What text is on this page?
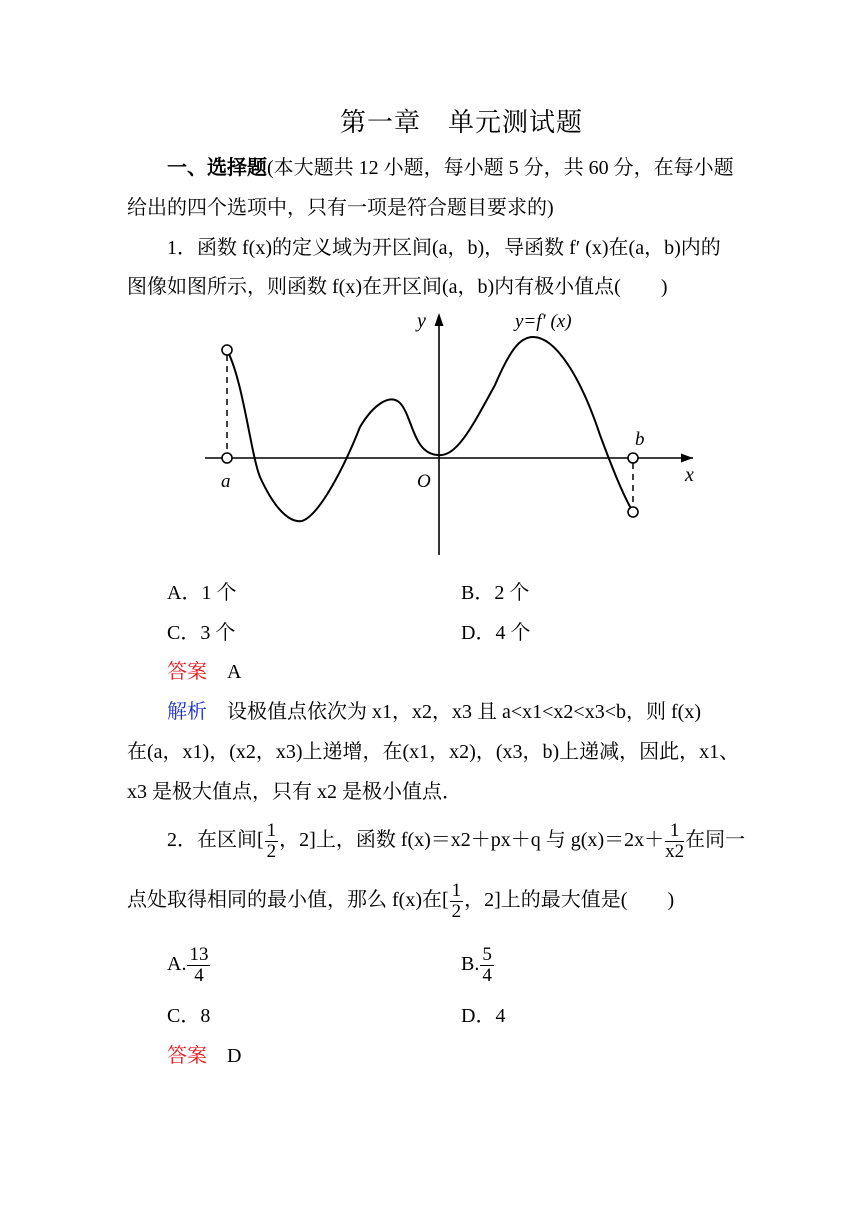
第一章　单元测试题
一、选择题(本大题共 12 小题，每小题 5 分，共 60 分，在每小题
给出的四个选项中，只有一项是符合题目要求的)
1．函数 f(x)的定义域为开区间(a，b)，导函数 f′ (x)在(a，b)内的
图像如图所示，则函数 f(x)在开区间(a，b)内有极小值点(　　)
y
x
y=f′ (x)
O
a
b
A．1 个	B．2 个
C．3 个	D．4 个
答案 A
解析 设极值点依次为 x1，x2，x3 且 a<x1<x2<x3<b，则 f(x)
在(a，x1)，(x2，x3)上递增，在(x1，x2)，(x3，b)上递减，因此，x1、
x3 是极大值点，只有 x2 是极小值点．
2．在区间[ $\frac{1}{2}$ ，2]上，函数 f(x)＝x2＋px＋q 与 $g(x)=2x+ \frac{1}{x2}$ 在同一
点处取得相同的最小值，那么 f(x)在[ $\frac{1}{2}$ ，2]上的最大值是(　　)
A. $\frac{13}{4}$	B. $\frac{5}{4}$
C．8	D．4
答案 D
